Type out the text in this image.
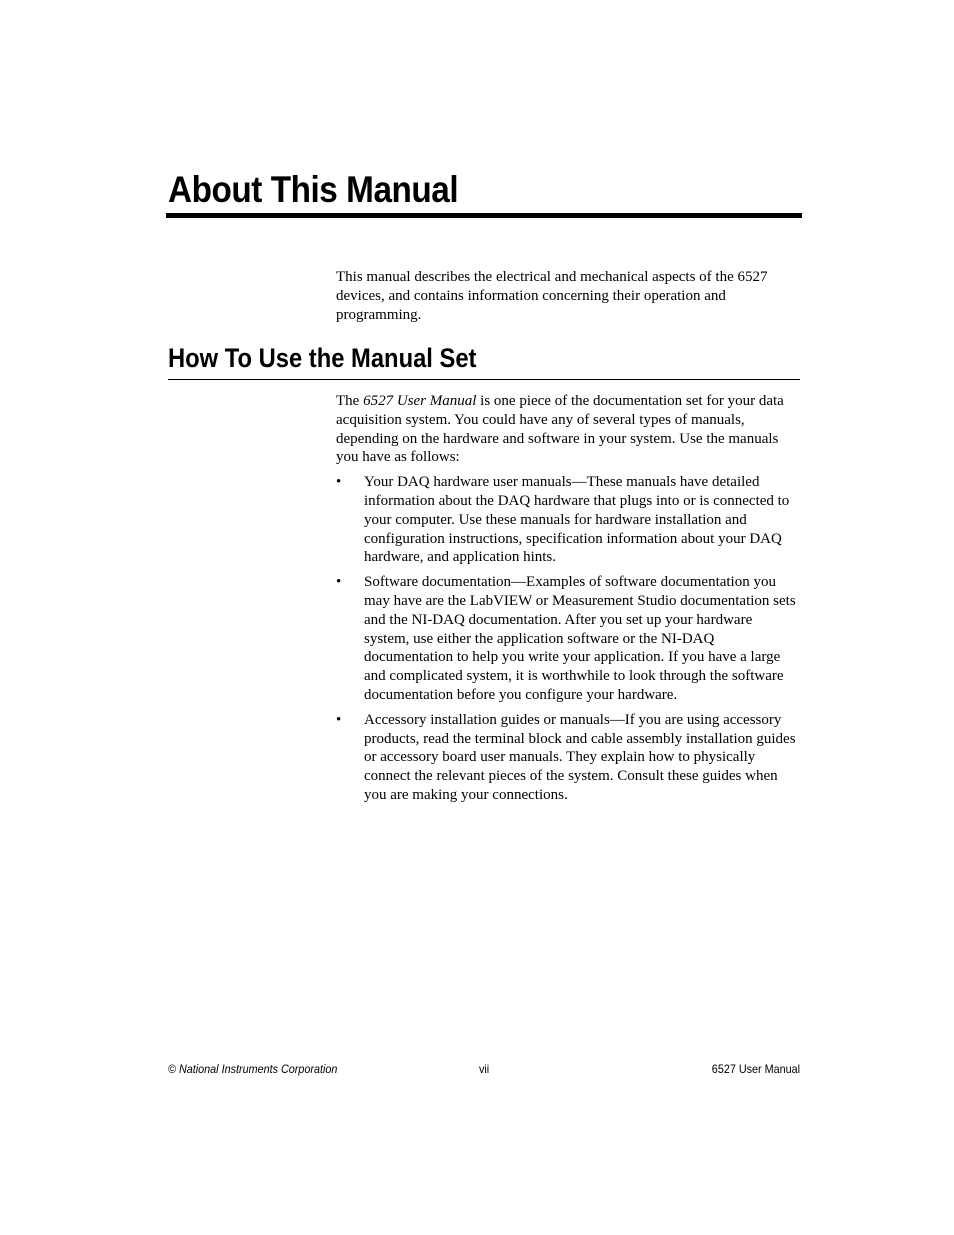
About This Manual

This manual describes the electrical and mechanical aspects of the 6527 devices, and contains information concerning their operation and programming.

How To Use the Manual Set

The 6527 User Manual is one piece of the documentation set for your data acquisition system. You could have any of several types of manuals, depending on the hardware and software in your system. Use the manuals you have as follows:

• Your DAQ hardware user manuals—These manuals have detailed information about the DAQ hardware that plugs into or is connected to your computer. Use these manuals for hardware installation and configuration instructions, specification information about your DAQ hardware, and application hints.
• Software documentation—Examples of software documentation you may have are the LabVIEW or Measurement Studio documentation sets and the NI-DAQ documentation. After you set up your hardware system, use either the application software or the NI-DAQ documentation to help you write your application. If you have a large and complicated system, it is worthwhile to look through the software documentation before you configure your hardware.
• Accessory installation guides or manuals—If you are using accessory products, read the terminal block and cable assembly installation guides or accessory board user manuals. They explain how to physically connect the relevant pieces of the system. Consult these guides when you are making your connections.
© National Instruments Corporation	vii	6527 User Manual
